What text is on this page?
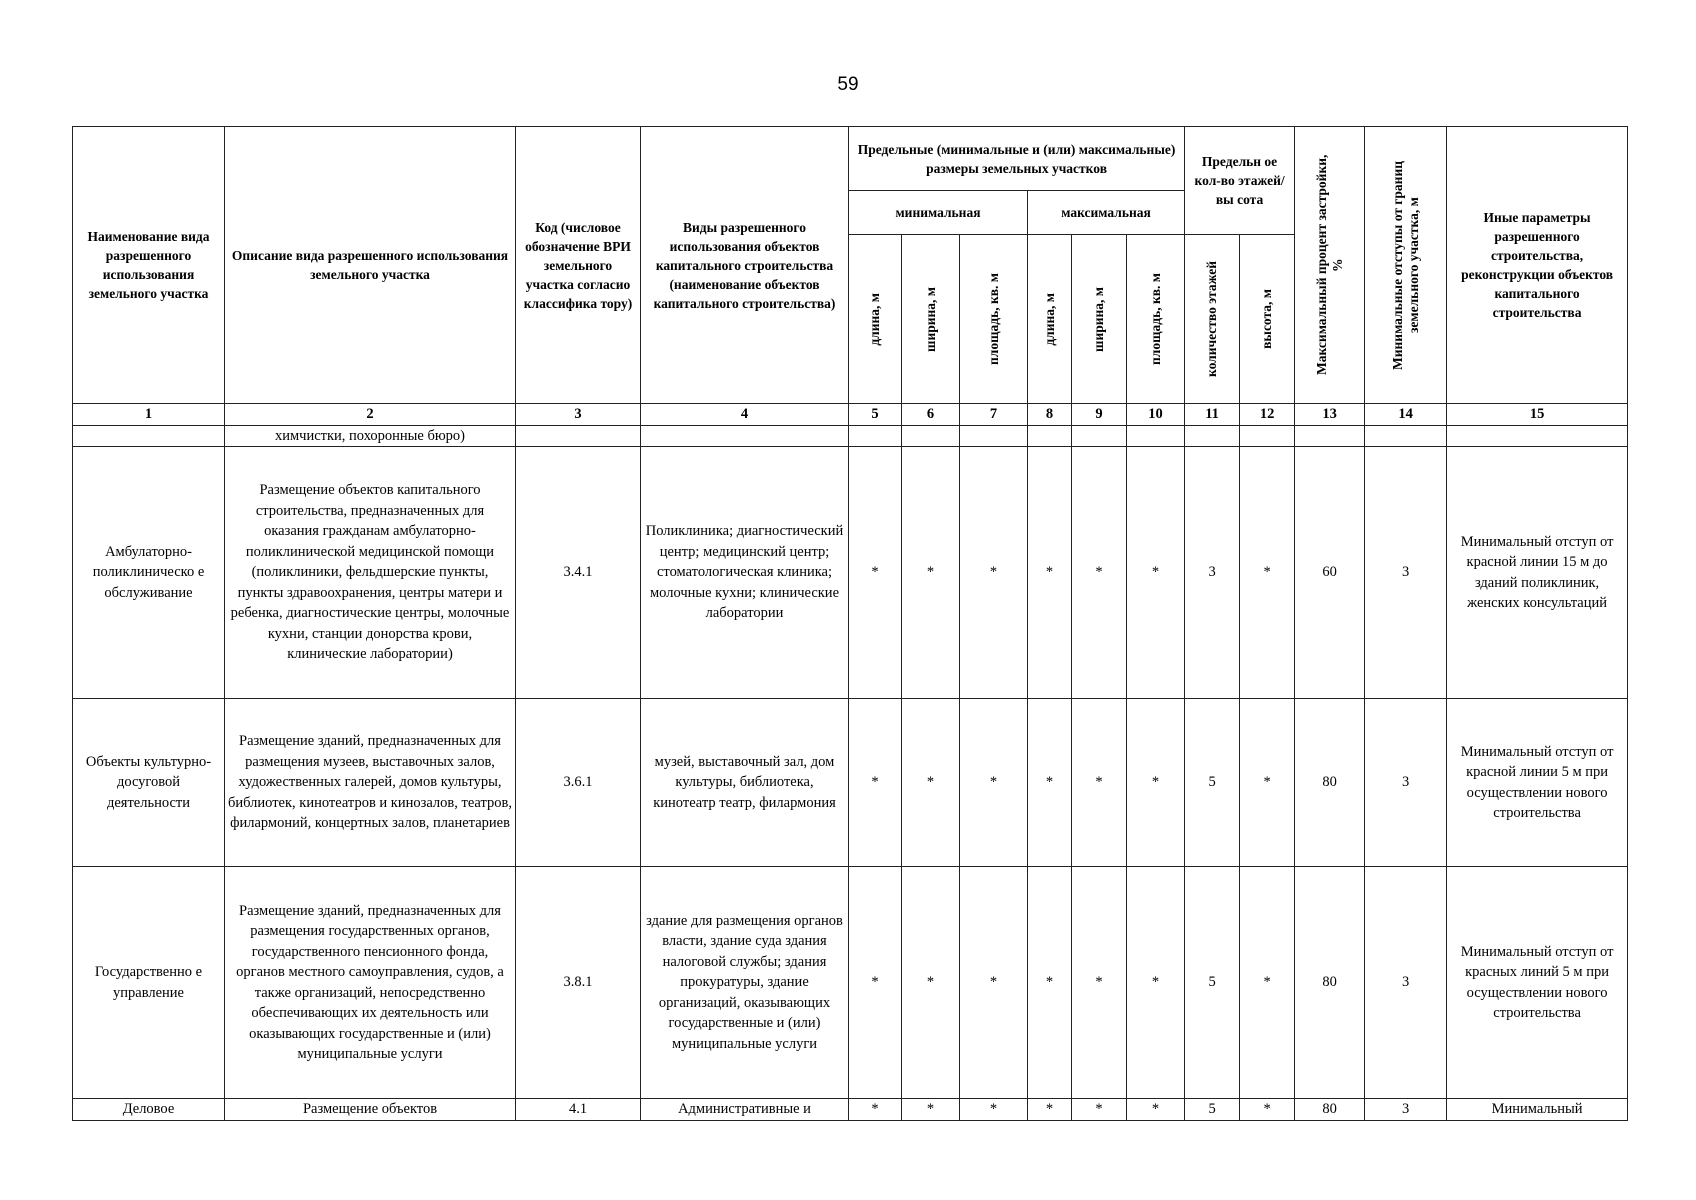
59
Наименование вида разрешенного использования земельного участка	Описание вида разрешенного использования земельного участка	Код (числовое обозначение ВРИ земельного участка согласио классифика тору)	Виды разрешенного использования объектов капитального строительства (наименование объектов капитального строительства)	Предельные (минимальные и (или) максимальные) размеры земельных участков						Предельн ое кол-во этажей/вы сота		Максимальный процент застройки, %	Минимальные отступы от границ земельного участка, м	Иные параметры разрешенного строительства, реконструкции объектов капитального строительства
				минимальная			максимальная							

				длина, м	ширина, м	площадь, кв. м	длина, м	ширина, м	площадь, кв. м	количество этажей	высота, м			

1	2	3	4	5	6	7	8	9	10	11	12	13	14	15
	химчистки, похоронные бюро)													
Амбулаторно-поликлиническо е обслуживание	Размещение объектов капитального строительства, предназначенных для оказания гражданам амбулаторно-поликлинической медицинской помощи (поликлиники, фельдшерские пункты, пункты здравоохранения, центры матери и ребенка, диагностические центры, молочные кухни, станции донорства крови, клинические лаборатории)	3.4.1	Поликлиника; диагностический центр; медицинский центр; стоматологическая клиника; молочные кухни; клинические лаборатории	*	*	*	*	*	*	3	*	60	3	Минимальный отступ от красной линии 15 м до зданий поликлиник, женских консультаций
Объекты культурно-досуговой деятельности	Размещение зданий, предназначенных для размещения музеев, выставочных залов, художественных галерей, домов культуры, библиотек, кинотеатров и кинозалов, театров, филармоний, концертных залов, планетариев	3.6.1	музей, выставочный зал, дом культуры, библиотека, кинотеатр театр, филармония	*	*	*	*	*	*	5	*	80	3	Минимальный отступ от красной линии 5 м при осуществлении нового строительства
Государственно е управление	Размещение зданий, предназначенных для размещения государственных органов, государственного пенсионного фонда, органов местного самоуправления, судов, а также организаций, непосредственно обеспечивающих их деятельность или оказывающих государственные и (или) муниципальные услуги	3.8.1	здание для размещения органов власти, здание суда здания налоговой службы; здания прокуратуры, здание организаций, оказывающих государственные и (или) муниципальные услуги	*	*	*	*	*	*	5	*	80	3	Минимальный отступ от красных линий 5 м при осуществлении нового строительства
Деловое	Размещение объектов	4.1	Административные и	*	*	*	*	*	*	5	*	80	3	Минимальный
